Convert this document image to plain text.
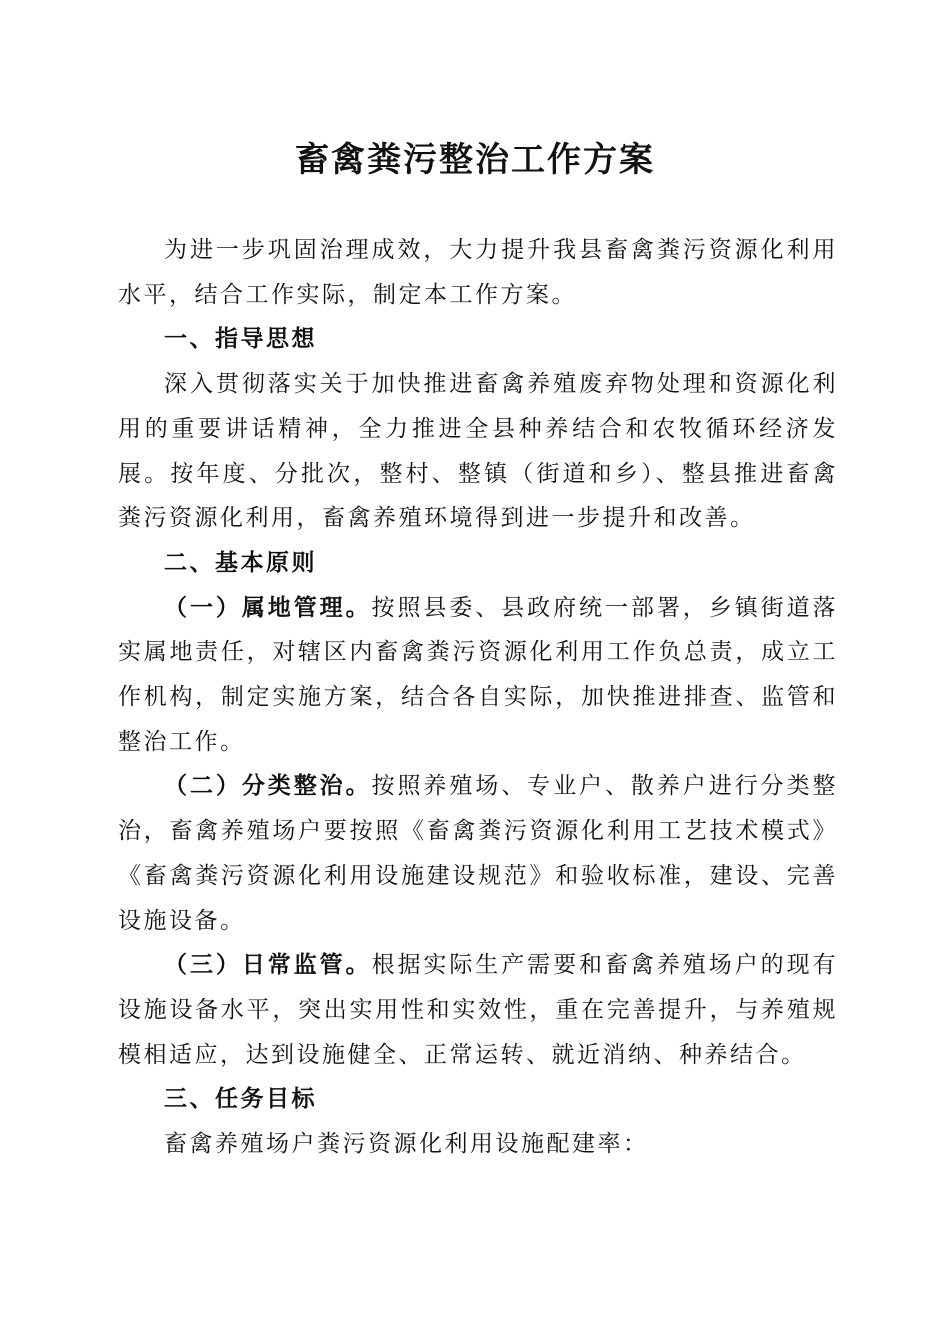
畜禽粪污整治工作方案

为进一步巩固治理成效，大力提升我县畜禽粪污资源化利用水平，结合工作实际，制定本工作方案。

一、指导思想

深入贯彻落实关于加快推进畜禽养殖废弃物处理和资源化利用的重要讲话精神，全力推进全县种养结合和农牧循环经济发展。按年度、分批次，整村、整镇（街道和乡）、整县推进畜禽粪污资源化利用，畜禽养殖环境得到进一步提升和改善。

二、基本原则

（一）属地管理。按照县委、县政府统一部署，乡镇街道落实属地责任，对辖区内畜禽粪污资源化利用工作负总责，成立工作机构，制定实施方案，结合各自实际，加快推进排查、监管和整治工作。

（二）分类整治。按照养殖场、专业户、散养户进行分类整治，畜禽养殖场户要按照《畜禽粪污资源化利用工艺技术模式》《畜禽粪污资源化利用设施建设规范》和验收标准，建设、完善设施设备。

（三）日常监管。根据实际生产需要和畜禽养殖场户的现有设施设备水平，突出实用性和实效性，重在完善提升，与养殖规模相适应，达到设施健全、正常运转、就近消纳、种养结合。

三、任务目标

畜禽养殖场户粪污资源化利用设施配建率：
